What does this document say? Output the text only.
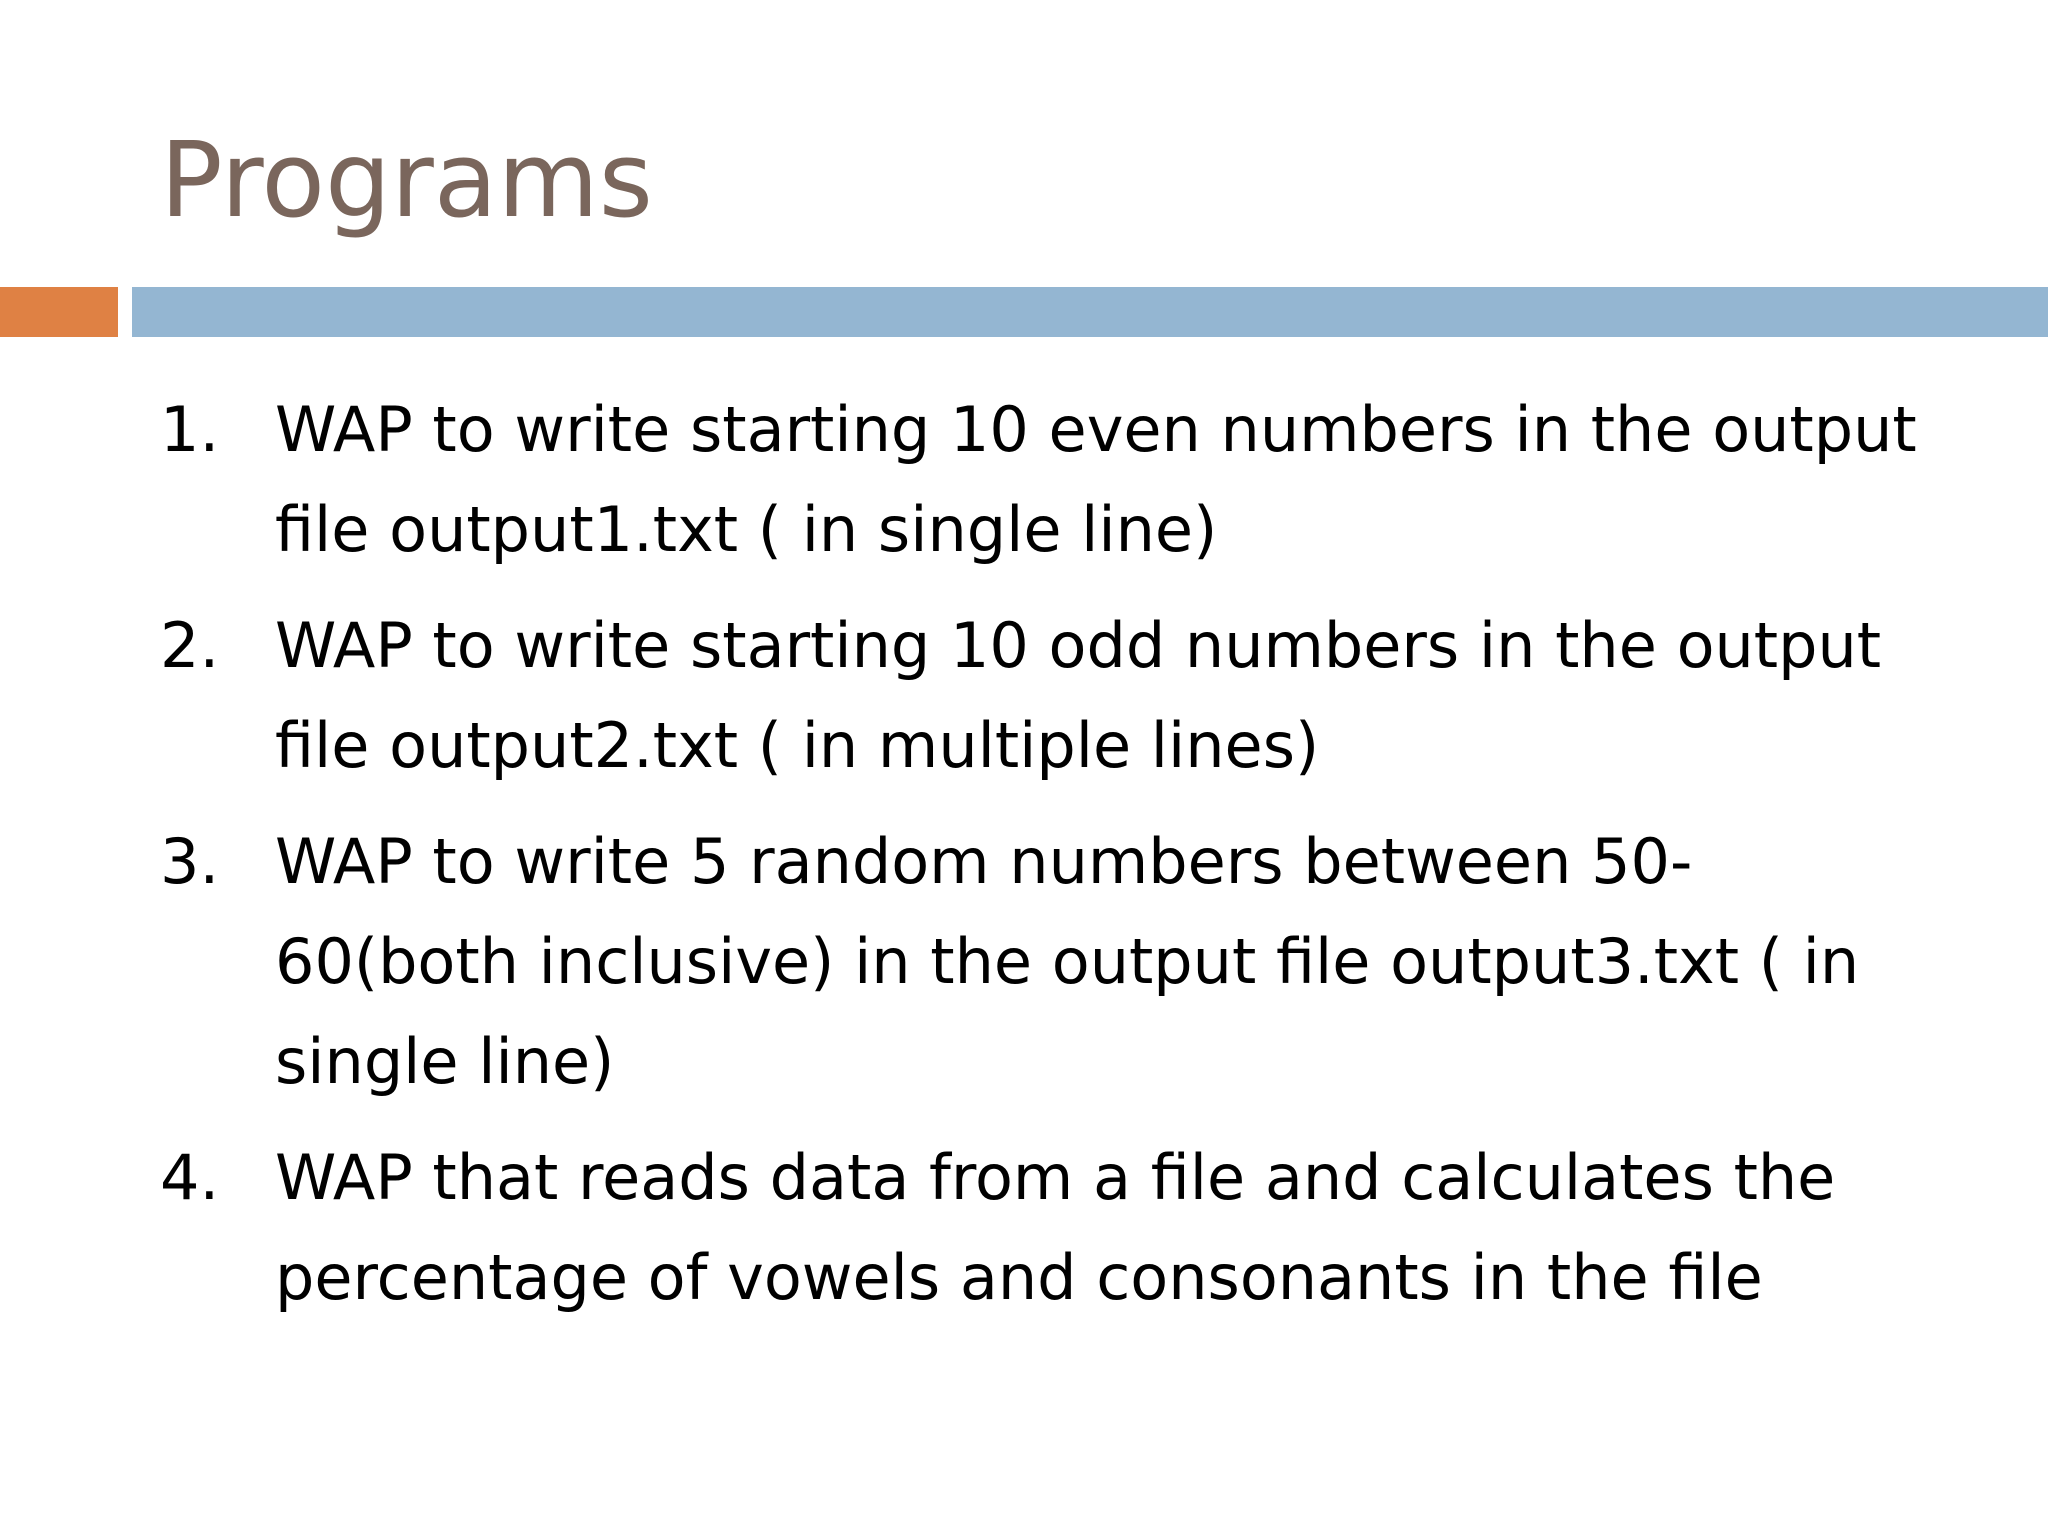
Programs
1. WAP to write starting 10 even numbers in the output file output1.txt ( in single line)
2. WAP to write starting 10 odd numbers in the output file output2.txt ( in multiple lines)
3. WAP to write 5 random numbers between 50-60(both inclusive) in the output file output3.txt ( in single line)
4. WAP that reads data from a file and calculates the percentage of vowels and consonants in the file
